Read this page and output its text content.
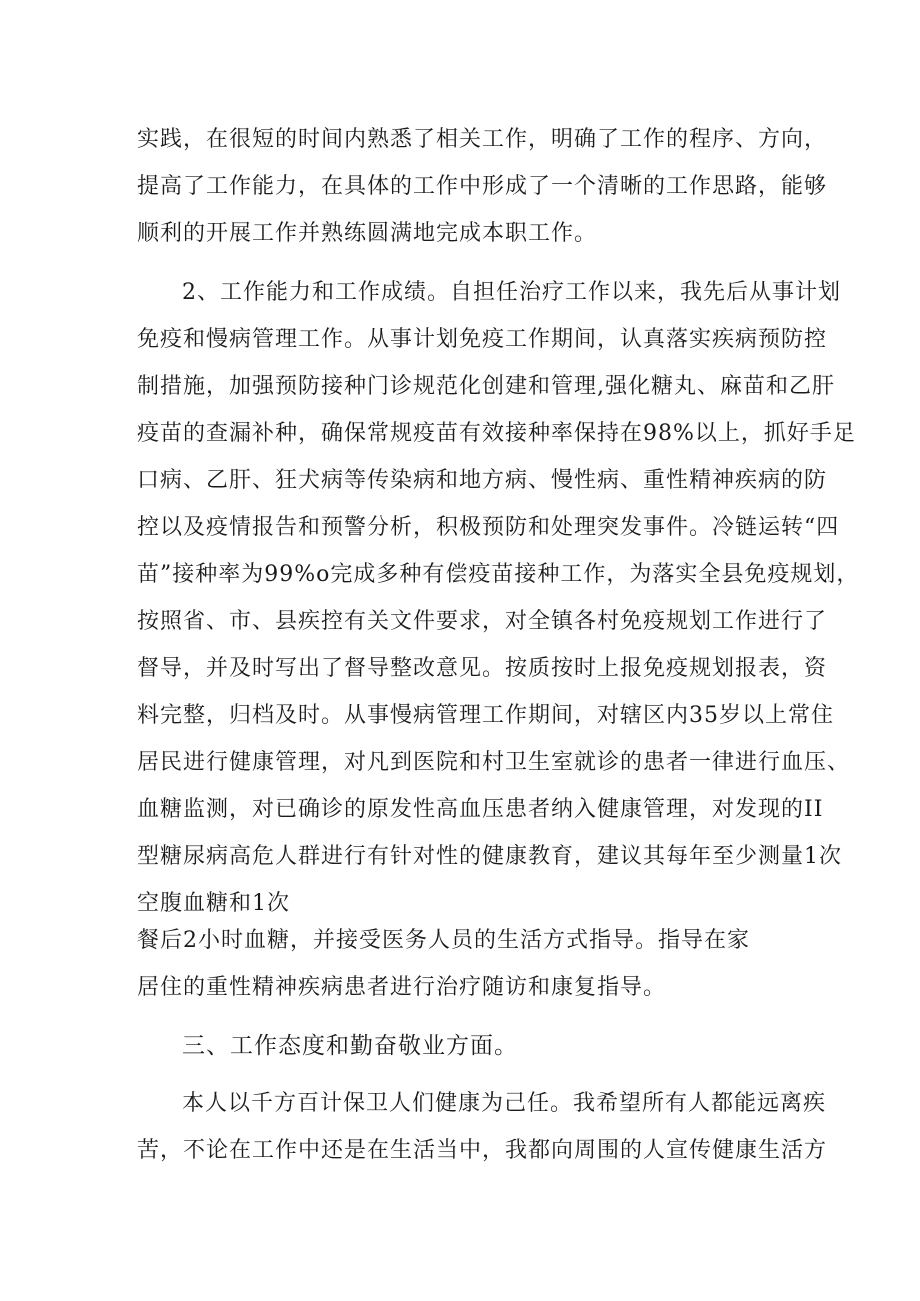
实践，在很短的时间内熟悉了相关工作，明确了工作的程序、方向，
提高了工作能力，在具体的工作中形成了一个清晰的工作思路，能够
顺利的开展工作并熟练圆满地完成本职工作。
2、工作能力和工作成绩。自担任治疗工作以来，我先后从事计划
免疫和慢病管理工作。从事计划免疫工作期间，认真落实疾病预防控
制措施，加强预防接种门诊规范化创建和管理,强化糖丸、麻苗和乙肝
疫苗的查漏补种，确保常规疫苗有效接种率保持在98%以上，抓好手足
口病、乙肝、狂犬病等传染病和地方病、慢性病、重性精神疾病的防
控以及疫情报告和预警分析，积极预防和处理突发事件。冷链运转“四
苗”接种率为99%o完成多种有偿疫苗接种工作，为落实全县免疫规划，
按照省、市、县疾控有关文件要求，对全镇各村免疫规划工作进行了
督导，并及时写出了督导整改意见。按质按时上报免疫规划报表，资
料完整，归档及时。从事慢病管理工作期间，对辖区内35岁以上常住
居民进行健康管理，对凡到医院和村卫生室就诊的患者一律进行血压、
血糖监测，对已确诊的原发性高血压患者纳入健康管理，对发现的II
型糖尿病高危人群进行有针对性的健康教育，建议其每年至少测量1次
空腹血糖和1次
餐后2小时血糖，并接受医务人员的生活方式指导。指导在家
居住的重性精神疾病患者进行治疗随访和康复指导。
三、工作态度和勤奋敬业方面。
本人以千方百计保卫人们健康为己任。我希望所有人都能远离疾
苦，不论在工作中还是在生活当中，我都向周围的人宣传健康生活方
